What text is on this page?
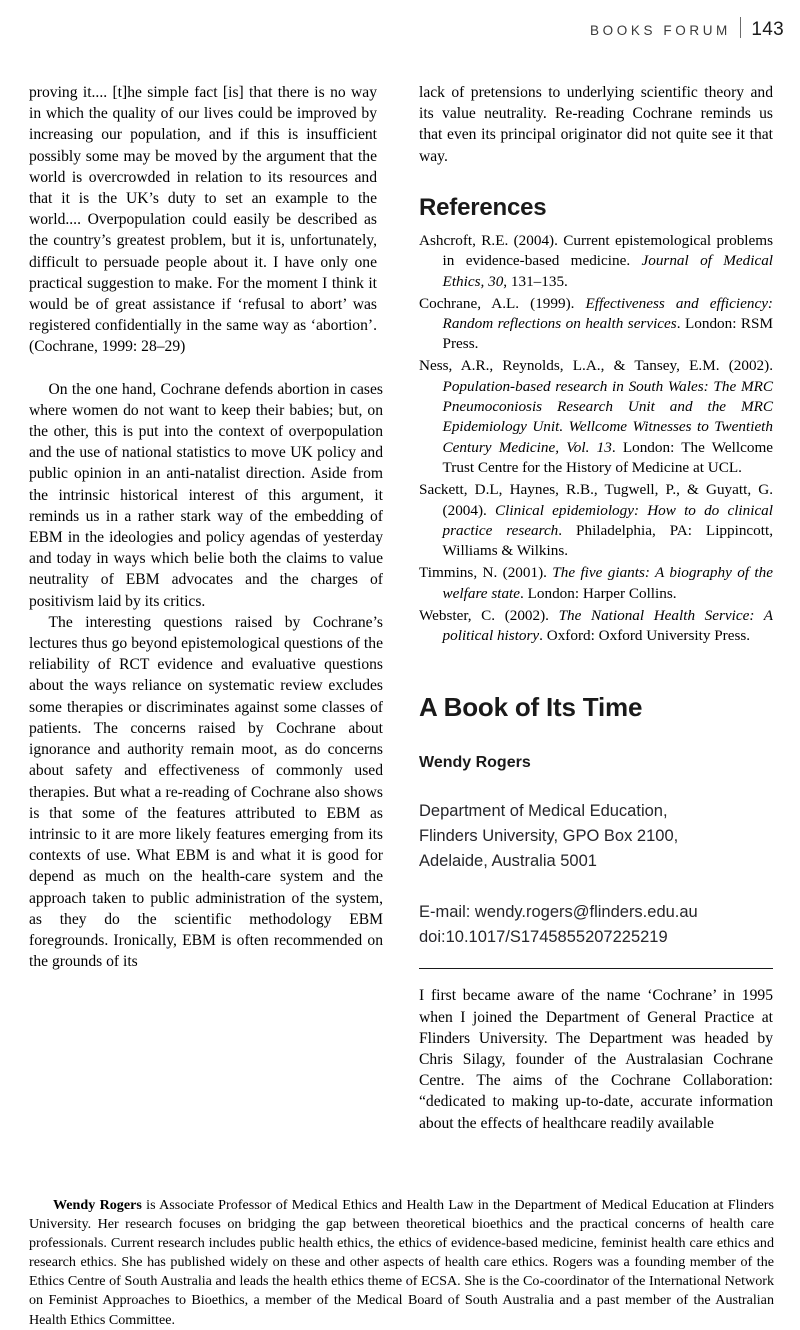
BOOKS FORUM	143
proving it.... [t]he simple fact [is] that there is no way in which the quality of our lives could be improved by increasing our population, and if this is insufficient possibly some may be moved by the argument that the world is overcrowded in relation to its resources and that it is the UK’s duty to set an example to the world.... Overpopulation could easily be described as the country’s greatest problem, but it is, unfortunately, difficult to persuade people about it. I have only one practical suggestion to make. For the moment I think it would be of great assistance if ‘refusal to abort’ was registered confidentially in the same way as ‘abortion’. (Cochrane, 1999: 28–29)

On the one hand, Cochrane defends abortion in cases where women do not want to keep their babies; but, on the other, this is put into the context of overpopulation and the use of national statistics to move UK policy and public opinion in an anti-natalist direction. Aside from the intrinsic historical interest of this argument, it reminds us in a rather stark way of the embedding of EBM in the ideologies and policy agendas of yesterday and today in ways which belie both the claims to value neutrality of EBM advocates and the charges of positivism laid by its critics.

The interesting questions raised by Cochrane’s lectures thus go beyond epistemological questions of the reliability of RCT evidence and evaluative questions about the ways reliance on systematic review excludes some therapies or discriminates against some classes of patients. The concerns raised by Cochrane about ignorance and authority remain moot, as do concerns about safety and effectiveness of commonly used therapies. But what a re-reading of Cochrane also shows is that some of the features attributed to EBM as intrinsic to it are more likely features emerging from its contexts of use. What EBM is and what it is good for depend as much on the health-care system and the approach taken to public administration of the system, as they do the scientific methodology EBM foregrounds. Ironically, EBM is often recommended on the grounds of its

lack of pretensions to underlying scientific theory and its value neutrality. Re-reading Cochrane reminds us that even its principal originator did not quite see it that way.

References
Ashcroft, R.E. (2004). Current epistemological problems in evidence-based medicine. Journal of Medical Ethics, 30, 131–135.
Cochrane, A.L. (1999). Effectiveness and efficiency: Random reflections on health services. London: RSM Press.
Ness, A.R., Reynolds, L.A., & Tansey, E.M. (2002). Population-based research in South Wales: The MRC Pneumoconiosis Research Unit and the MRC Epidemiology Unit. Wellcome Witnesses to Twentieth Century Medicine, Vol. 13. London: The Wellcome Trust Centre for the History of Medicine at UCL.
Sackett, D.L, Haynes, R.B., Tugwell, P., & Guyatt, G. (2004). Clinical epidemiology: How to do clinical practice research. Philadelphia, PA: Lippincott, Williams & Wilkins.
Timmins, N. (2001). The five giants: A biography of the welfare state. London: Harper Collins.
Webster, C. (2002). The National Health Service: A political history. Oxford: Oxford University Press.
A Book of Its Time
Wendy Rogers
Department of Medical Education,
Flinders University, GPO Box 2100,
Adelaide, Australia 5001
E-mail: wendy.rogers@flinders.edu.au
doi:10.1017/S1745855207225219

I first became aware of the name ‘Cochrane’ in 1995 when I joined the Department of General Practice at Flinders University. The Department was headed by Chris Silagy, founder of the Australasian Cochrane Centre. The aims of the Cochrane Collaboration: “dedicated to making up-to-date, accurate information about the effects of healthcare readily available

Wendy Rogers is Associate Professor of Medical Ethics and Health Law in the Department of Medical Education at Flinders University. Her research focuses on bridging the gap between theoretical bioethics and the practical concerns of health care professionals. Current research includes public health ethics, the ethics of evidence-based medicine, feminist health care ethics and research ethics. She has published widely on these and other aspects of health care ethics. Rogers was a founding member of the Ethics Centre of South Australia and leads the health ethics theme of ECSA. She is the Co-coordinator of the International Network on Feminist Approaches to Bioethics, a member of the Medical Board of South Australia and a past member of the Australian Health Ethics Committee.
